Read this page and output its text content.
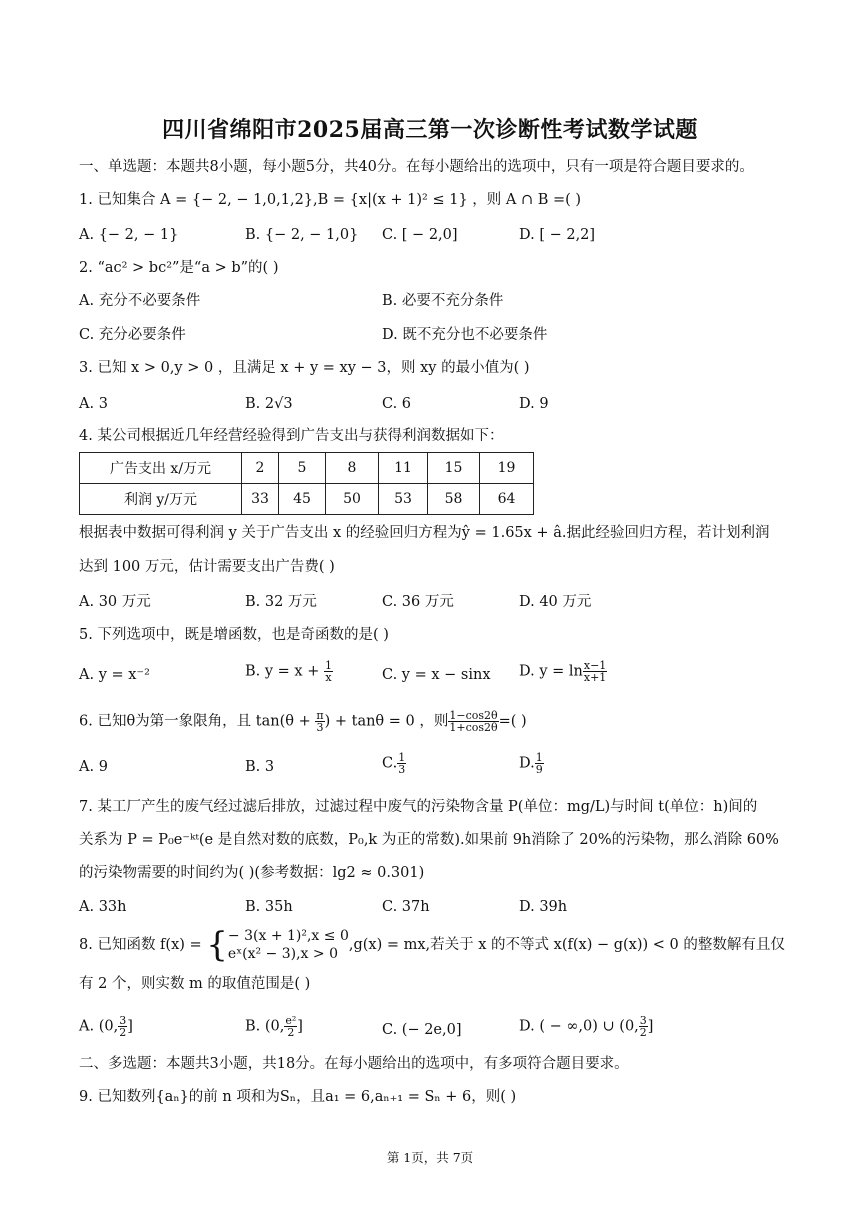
四川省绵阳市2025届高三第一次诊断性考试数学试题
一、单选题：本题共8小题，每小题5分，共40分。在每小题给出的选项中，只有一项是符合题目要求的。
1. 已知集合 A = {− 2, − 1,0,1,2},B = {x|(x + 1)² ≤ 1} ，则 A ∩ B =( )
A. {− 2, − 1}	B. {− 2, − 1,0} C. [ − 2,0]	D. [ − 2,2]
2. “ac² > bc²”是“a > b”的( )
A. 充分不必要条件	B. 必要不充分条件
C. 充分必要条件	D. 既不充分也不必要条件
3. 已知 x > 0,y > 0 ，且满足 x + y = xy − 3，则 xy 的最小值为( )
A. 3	B. 2√3	C. 6	D. 9
4. 某公司根据近几年经营经验得到广告支出与获得利润数据如下：
广告支出 x/万元	2	5	8	11	15	19
利润 y/万元	33	45	50	53	58	64
根据表中数据可得利润 y 关于广告支出 x 的经验回归方程为ŷ = 1.65x + â.据此经验回归方程，若计划利润
达到 100 万元，估计需要支出广告费( )
A. 30 万元	B. 32 万元	C. 36 万元	D. 40 万元
5. 下列选项中，既是增函数，也是奇函数的是( )
A. y = x⁻²	B. $y = x + \frac{1}{x}$	C. y = x − sinx D. $y = \ln \frac{x-1}{x+1}$
6. 已知θ为第一象限角，且 $\tan(\theta + \frac{\pi}{3}$ ) + tanθ = 0 ，则 $\frac{1-\cos 2\theta}{1+\cos 2\theta}$ =( )
A. 9	B. 3	C. $\frac{1}{3}$	D. $\frac{1}{9}$
7. 某工厂产生的废气经过滤后排放，过滤过程中废气的污染物含量 P(单位：mg/L)与时间 t(单位：h)间的
关系为 P = P₀e⁻ᵏᵗ(e 是自然对数的底数，P₀,k 为正的常数).如果前 9h消除了 20%的污染物，那么消除 60%
的污染物需要的时间约为( )(参考数据：lg2 ≈ 0.301)
A. 33h	B. 35h	C. 37h	D. 39h
8. 已知函数 f(x) = { − 3(x + 1)²,x ≤ 0
eˣ(x² − 3),x > 0
,g(x) = mx,若关于 x 的不等式 x(f(x) − g(x)) < 0 的整数解有且仅
有 2 个，则实数 m 的取值范围是( )
A. (0, $\frac{3}{2}$ ]	B. (0, $\frac{\text{e²}}{2}$ ]	C. (− 2e,0]	D. ( − ∞,0) ∪ (0, $\frac{3}{2}$ ]
二、多选题：本题共3小题，共18分。在每小题给出的选项中，有多项符合题目要求。
9. 已知数列{aₙ}的前 n 项和为Sₙ，且a₁ = 6,aₙ₊₁ = Sₙ + 6，则( )
第 1页，共 7页
